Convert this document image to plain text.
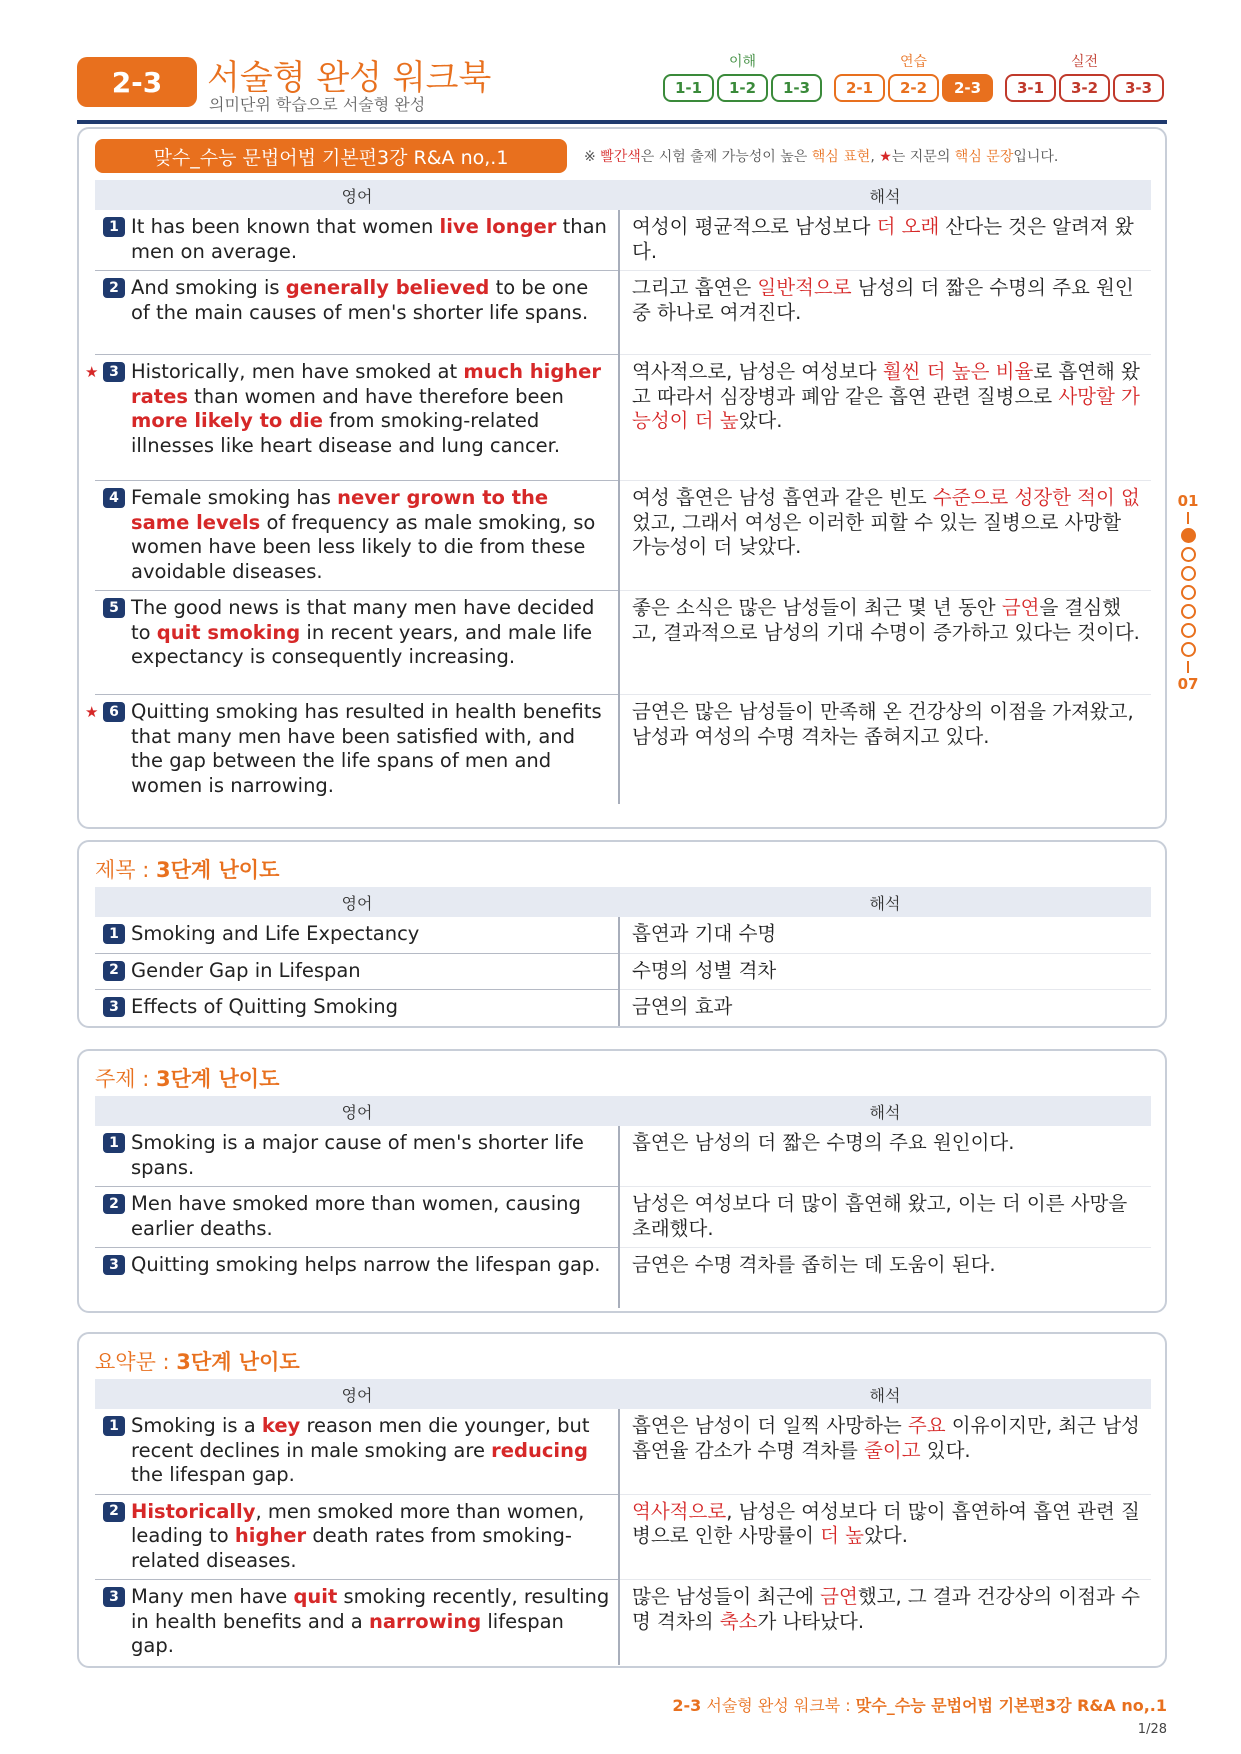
2-3	서술형 완성 워크북
의미단위 학습으로 서술형 완성
이해
1-1	1-2	1-3
연습
2-1	2-2	2-3
실전
3-1	3-2	3-3
맞수_수능 문법어법 기본편3강 R&A no,.1	※ 빨간색은 시험 출제 가능성이 높은 핵심 표현, ★는 지문의 핵심 문장입니다.
영어	해석

1 It has been known that women live longer than men on average.	여성이 평균적으로 남성보다 더 오래 산다는 것은 알려져 왔다.

2 And smoking is generally believed to be one of the main causes of men's shorter life spans.	그리고 흡연은 일반적으로 남성의 더 짧은 수명의 주요 원인 중 하나로 여겨진다.

★ 3 Historically, men have smoked at much higher rates than women and have therefore been more likely to die from smoking-related illnesses like heart disease and lung cancer.	역사적으로, 남성은 여성보다 훨씬 더 높은 비율로 흡연해 왔고 따라서 심장병과 폐암 같은 흡연 관련 질병으로 사망할 가능성이 더 높았다.

4 Female smoking has never grown to the same levels of frequency as male smoking, so women have been less likely to die from these avoidable diseases.	여성 흡연은 남성 흡연과 같은 빈도 수준으로 성장한 적이 없었고, 그래서 여성은 이러한 피할 수 있는 질병으로 사망할 가능성이 더 낮았다.

5 The good news is that many men have decided to quit smoking in recent years, and male life expectancy is consequently increasing.	좋은 소식은 많은 남성들이 최근 몇 년 동안 금연을 결심했고, 결과적으로 남성의 기대 수명이 증가하고 있다는 것이다.

★ 6 Quitting smoking has resulted in health benefits that many men have been satisfied with, and the gap between the life spans of men and women is narrowing.	금연은 많은 남성들이 만족해 온 건강상의 이점을 가져왔고, 남성과 여성의 수명 격차는 좁혀지고 있다.
제목 : 3단계 난이도
영어	해석

1 Smoking and Life Expectancy	흡연과 기대 수명

2 Gender Gap in Lifespan	수명의 성별 격차

3 Effects of Quitting Smoking	금연의 효과
주제 : 3단계 난이도
영어	해석

1 Smoking is a major cause of men's shorter life spans.	흡연은 남성의 더 짧은 수명의 주요 원인이다.

2 Men have smoked more than women, causing earlier deaths.	남성은 여성보다 더 많이 흡연해 왔고, 이는 더 이른 사망을 초래했다.

3 Quitting smoking helps narrow the lifespan gap.	금연은 수명 격차를 좁히는 데 도움이 된다.
요약문 : 3단계 난이도
영어	해석

1 Smoking is a key reason men die younger, but recent declines in male smoking are reducing the lifespan gap.	흡연은 남성이 더 일찍 사망하는 주요 이유이지만, 최근 남성 흡연율 감소가 수명 격차를 줄이고 있다.

2 Historically, men smoked more than women, leading to higher death rates from smoking-related diseases.	역사적으로, 남성은 여성보다 더 많이 흡연하여 흡연 관련 질병으로 인한 사망률이 더 높았다.

3 Many men have quit smoking recently, resulting in health benefits and a narrowing lifespan gap.	많은 남성들이 최근에 금연했고, 그 결과 건강상의 이점과 수명 격차의 축소가 나타났다.
01
07
2-3 서술형 완성 워크북 : 맞수_수능 문법어법 기본편3강 R&A no,.1
1/28
